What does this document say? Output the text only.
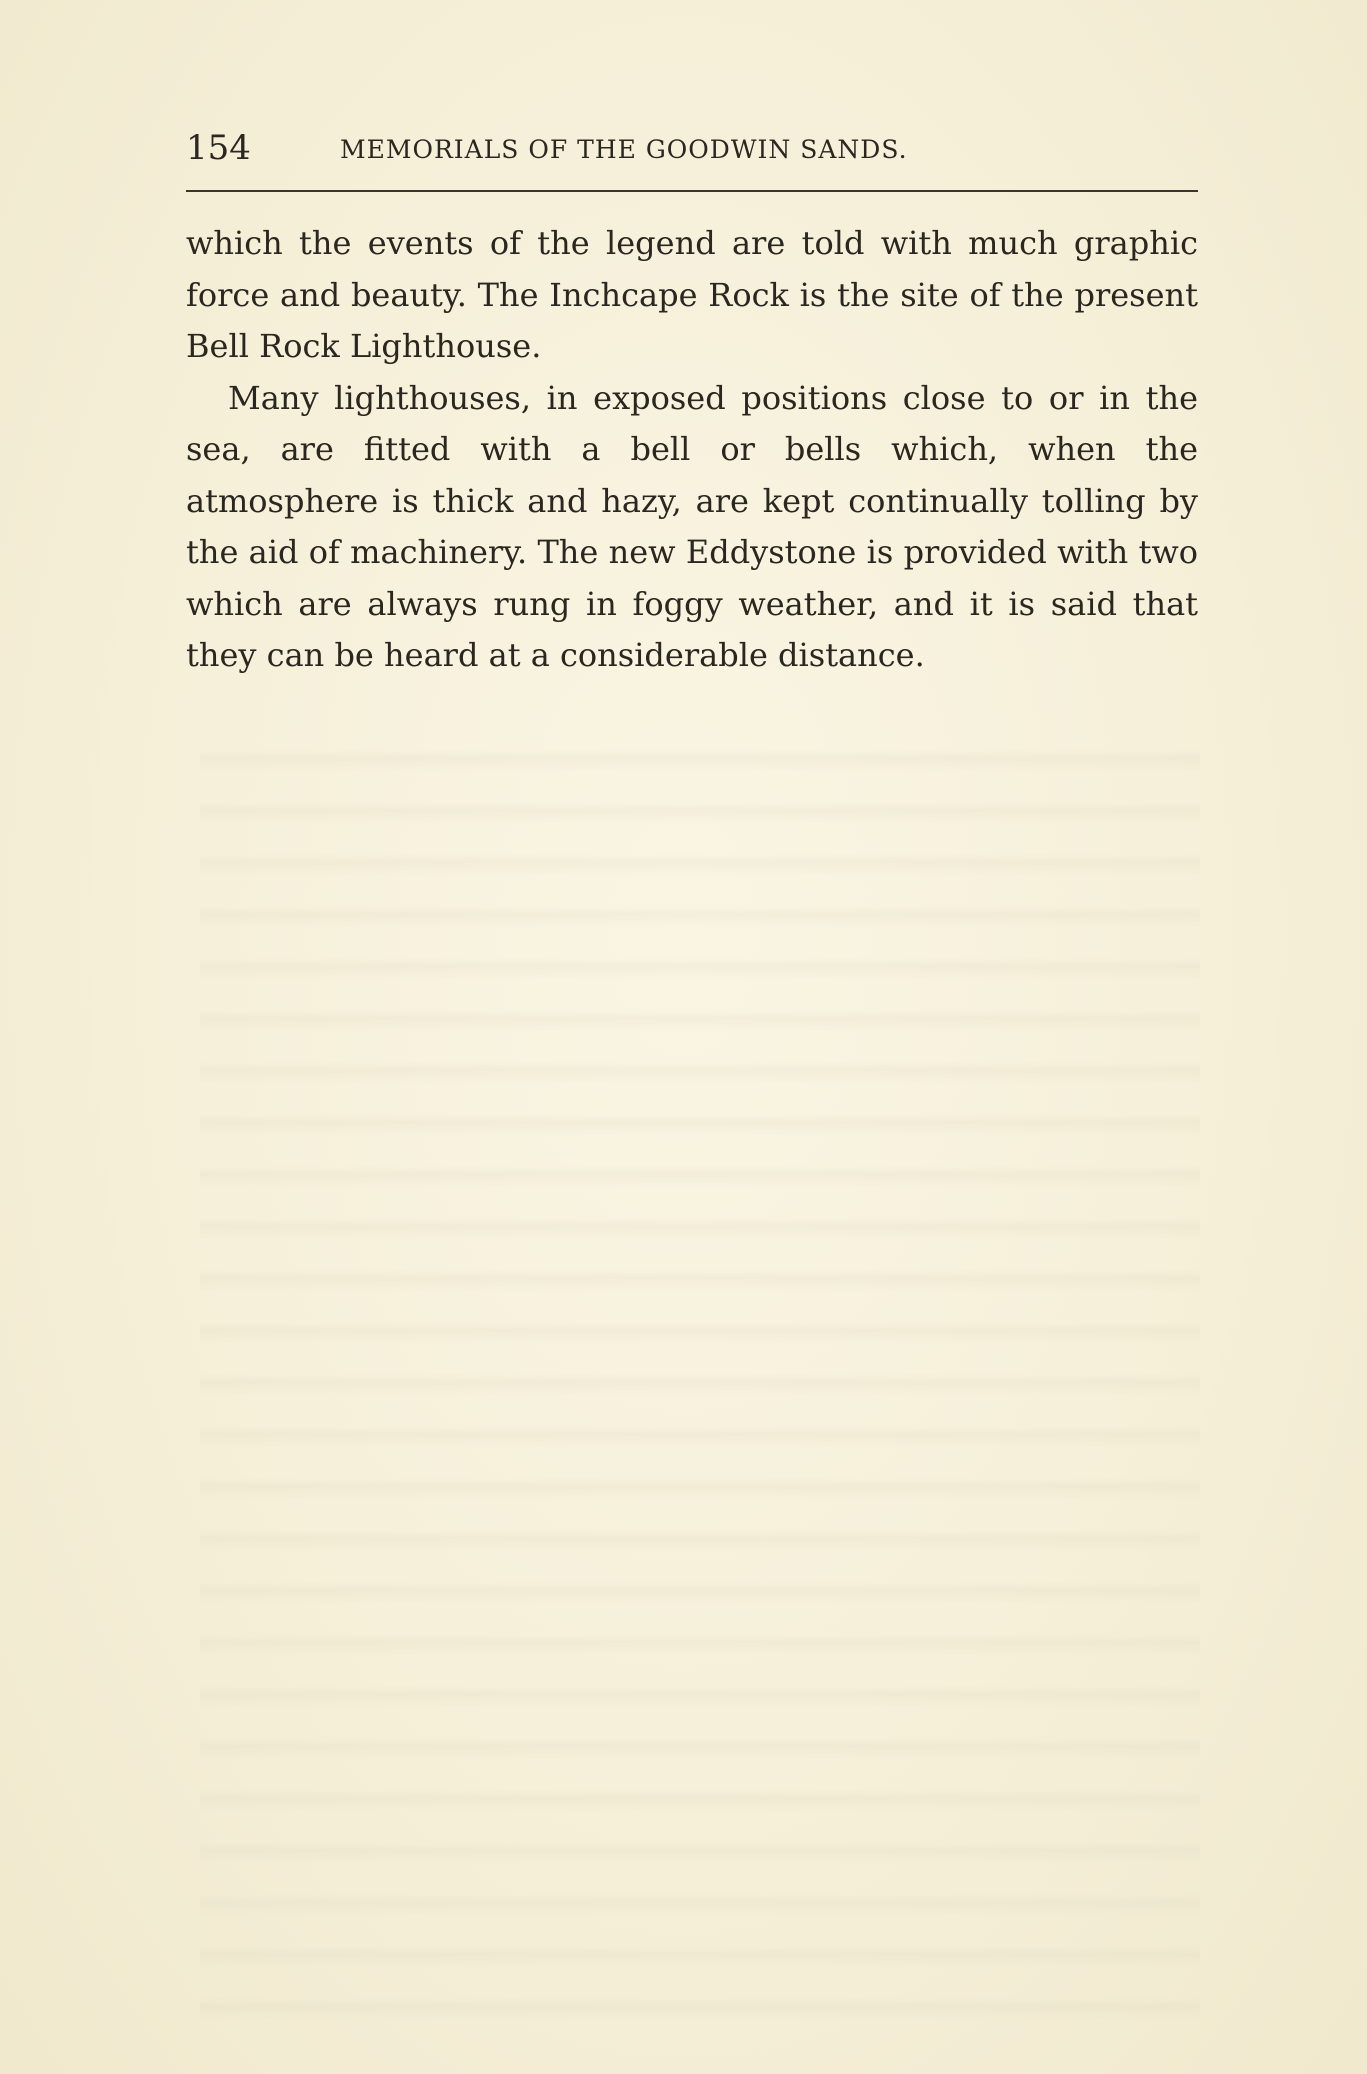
154	MEMORIALS OF THE GOODWIN SANDS.

which the events of the legend are told with much graphic force and beauty. The Inchcape Rock is the site of the present Bell Rock Lighthouse.

Many lighthouses, in exposed positions close to or in the sea, are fitted with a bell or bells which, when the atmosphere is thick and hazy, are kept continually tolling by the aid of machinery. The new Eddystone is provided with two which are always rung in foggy weather, and it is said that they can be heard at a considerable distance.
